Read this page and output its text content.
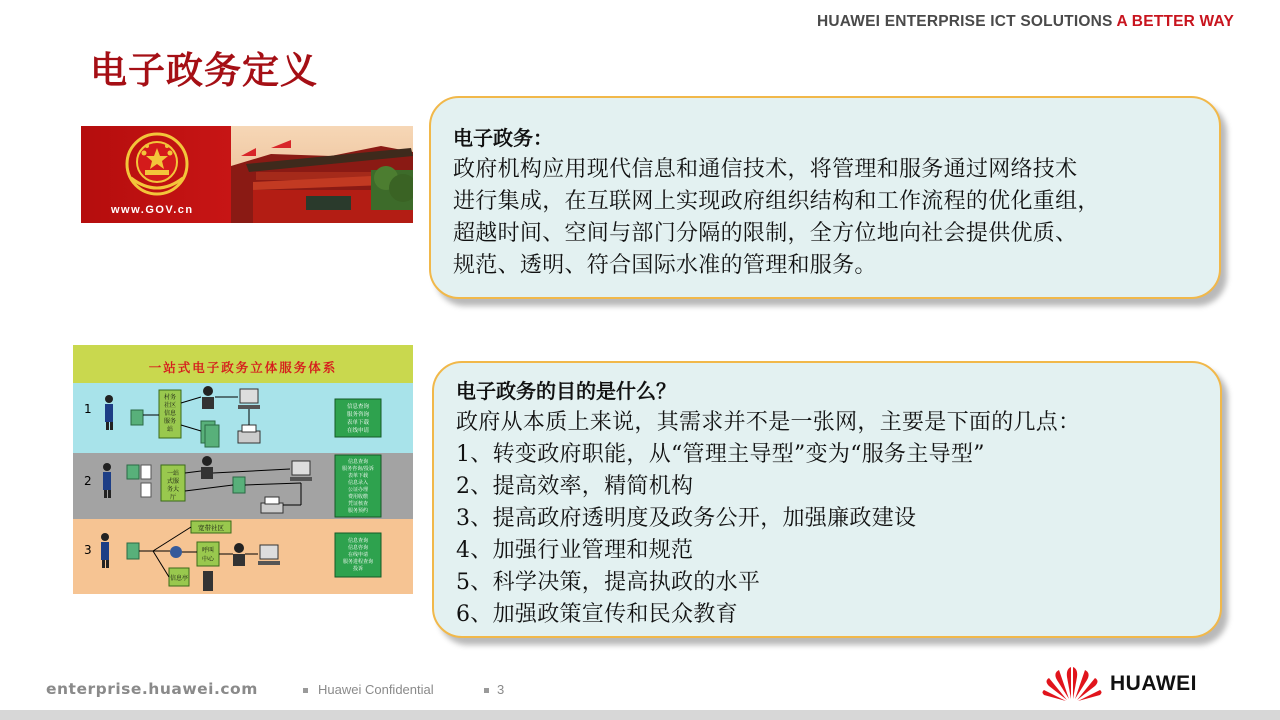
HUAWEI ENTERPRISE ICT SOLUTIONS A BETTER WAY
电子政务定义
www.GOV.cn
一站式电子政务立体服务体系
1
2
3
村务
社区
信息
服务
站
信息查询
服务咨询
表单下载
在线申请
一站
式服
务大
厅
信息查询
服务咨询/投诉
表单下载
信息录入
公证办理
费用收缴
凭证核查
服务预约
宽带社区
呼叫
中心
信息亭
信息查询
信息咨询
在线申请
服务进程查询
投诉
电子政务：
政府机构应用现代信息和通信技术，将管理和服务通过网络技术
进行集成，在互联网上实现政府组织结构和工作流程的优化重组，
超越时间、空间与部门分隔的限制，全方位地向社会提供优质、
规范、透明、符合国际水准的管理和服务。
电子政务的目的是什么？
政府从本质上来说，其需求并不是一张网，主要是下面的几点：
1、转变政府职能，从“管理主导型”变为“服务主导型”
2、提高效率，精简机构
3、提高政府透明度及政务公开，加强廉政建设
4、加强行业管理和规范
5、科学决策，提高执政的水平
6、加强政策宣传和民众教育
enterprise.huawei.com	Huawei Confidential	3	HUAWEI
